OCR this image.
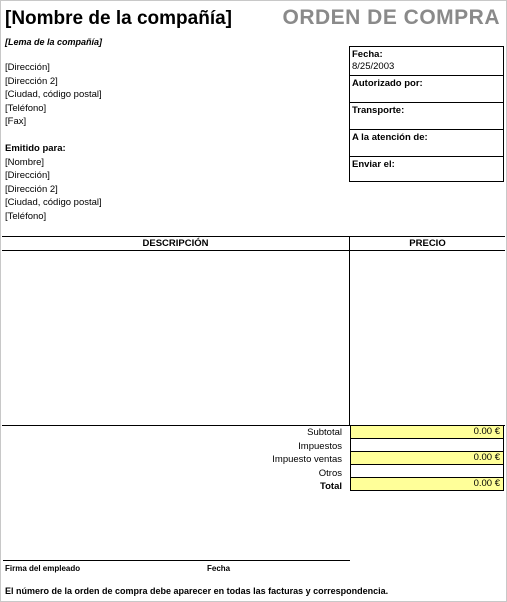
[Nombre de la compañía] ORDEN DE COMPRA
[Lema de la compañía]
[Dirección]
[Dirección 2]
[Ciudad, código postal]
[Teléfono]
[Fax]
Emitido para:
[Nombre]
[Dirección]
[Dirección 2]
[Ciudad, código postal]
[Teléfono]
Fecha:
8/25/2003
Autorizado por:
Transporte:
A la atención de:
Enviar el:
DESCRIPCIÓN	PRECIO
Subtotal	0.00 €
Impuestos
Impuesto ventas	0.00 €
Otros
Total	0.00 €
Firma del empleado	Fecha
El número de la orden de compra debe aparecer en todas las facturas y correspondencia.
